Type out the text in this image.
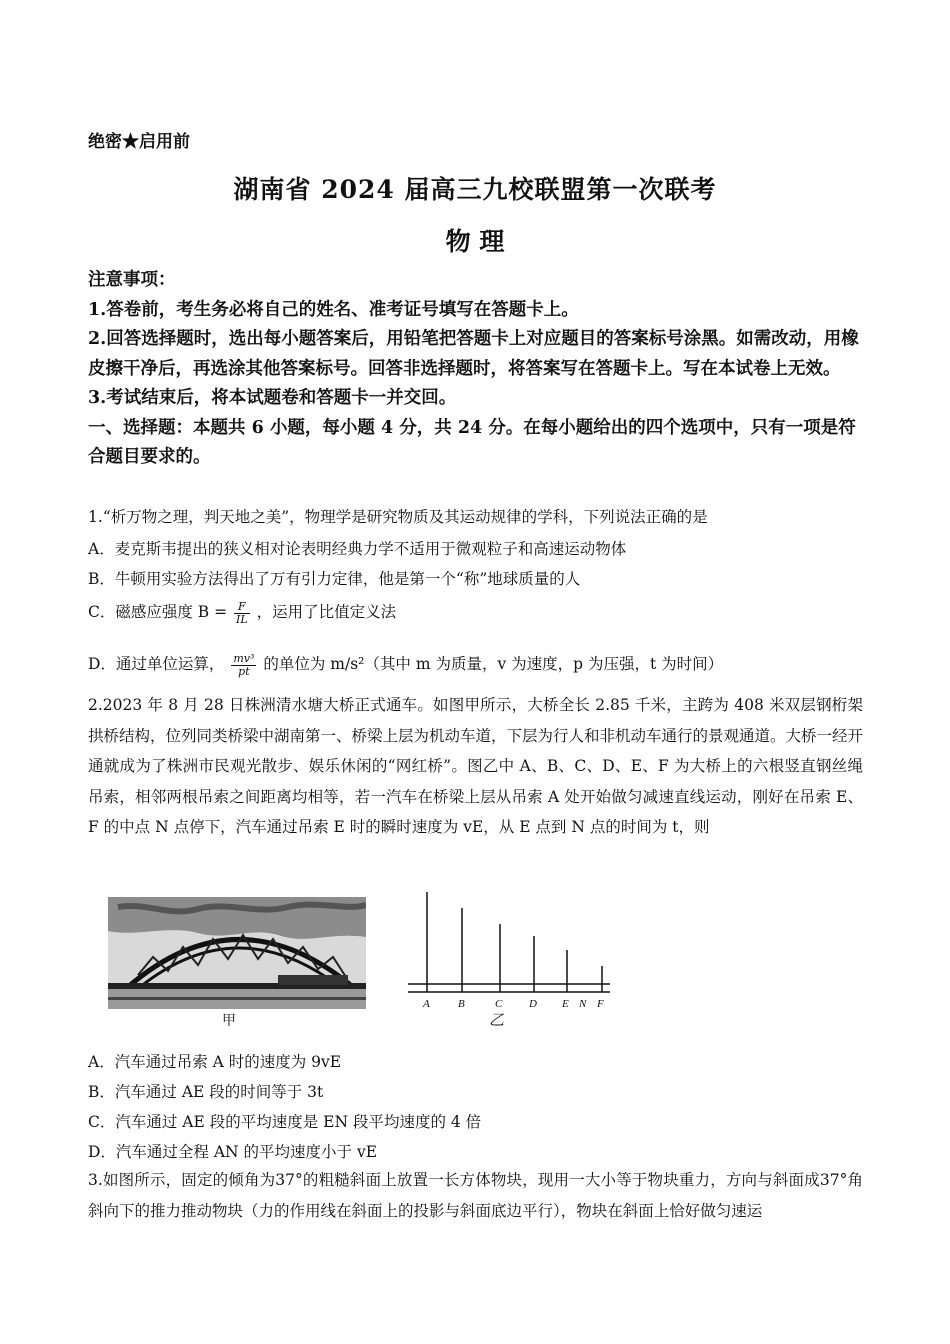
绝密★启用前
湖南省 2024 届高三九校联盟第一次联考
物 理
注意事项：
1.答卷前，考生务必将自己的姓名、准考证号填写在答题卡上。
2.回答选择题时，选出每小题答案后，用铅笔把答题卡上对应题目的答案标号涂黑。如需改动，用橡皮擦干净后，再选涂其他答案标号。回答非选择题时，将答案写在答题卡上。写在本试卷上无效。
3.考试结束后，将本试题卷和答题卡一并交回。
一、选择题：本题共 6 小题，每小题 4 分，共 24 分。在每小题给出的四个选项中，只有一项是符合题目要求的。
1.“析万物之理，判天地之美”，物理学是研究物质及其运动规律的学科，下列说法正确的是
A．麦克斯韦提出的狭义相对论表明经典力学不适用于微观粒子和高速运动物体
B．牛顿用实验方法得出了万有引力定律，他是第一个“称”地球质量的人
C．磁感应强度 $B = \frac{F}{IL}$ ，运用了比值定义法
D．通过单位运算， $\frac{\text{mv³}}{pt}$ 的单位为 m/s²（其中 m 为质量，v 为速度，p 为压强，t 为时间）
2.2023 年 8 月 28 日株洲清水塘大桥正式通车。如图甲所示，大桥全长 2.85 千米，主跨为 408 米双层钢桁架拱桥结构，位列同类桥梁中湖南第一、桥梁上层为机动车道，下层为行人和非机动车通行的景观通道。大桥一经开通就成为了株洲市民观光散步、娱乐休闲的“网红桥”。图乙中 A、B、C、D、E、F 为大桥上的六根竖直钢丝绳吊索，相邻两根吊索之间距离均相等，若一汽车在桥梁上层从吊索 A 处开始做匀减速直线运动，刚好在吊索 E、F 的中点 N 点停下，汽车通过吊索 E 时的瞬时速度为 vE，从 E 点到 N 点的时间为 t，则
甲
A	B	C D E N F
乙
A．汽车通过吊索 A 时的速度为 9vE
B．汽车通过 AE 段的时间等于 3t
C．汽车通过 AE 段的平均速度是 EN 段平均速度的 4 倍
D．汽车通过全程 AN 的平均速度小于 vE
3.如图所示，固定的倾角为37°的粗糙斜面上放置一长方体物块，现用一大小等于物块重力，方向与斜面成37°角斜向下的推力推动物块（力的作用线在斜面上的投影与斜面底边平行），物块在斜面上恰好做匀速运
